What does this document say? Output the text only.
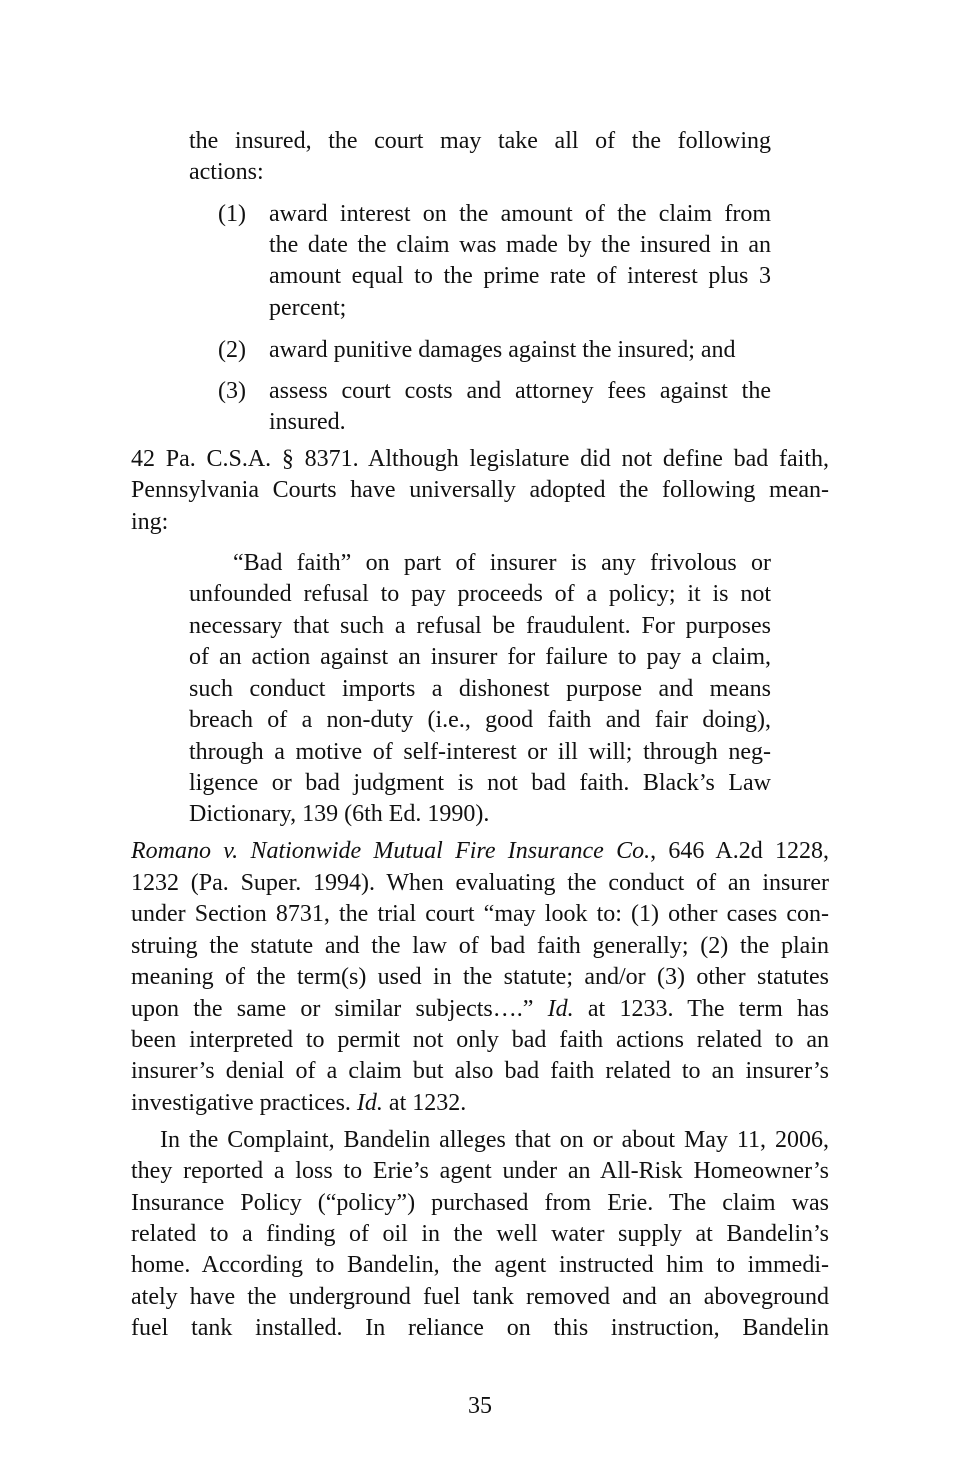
the insured, the court may take all of the following
actions:
(1) award interest on the amount of the claim from
the date the claim was made by the insured in an
amount equal to the prime rate of interest plus 3
percent;
(2) award punitive damages against the insured; and
(3) assess court costs and attorney fees against the
insured.
42 Pa. C.S.A. § 8371. Although legislature did not define bad faith,
Pennsylvania Courts have universally adopted the following mean-
ing:
“Bad faith” on part of insurer is any frivolous or
unfounded refusal to pay proceeds of a policy; it is not
necessary that such a refusal be fraudulent. For purposes
of an action against an insurer for failure to pay a claim,
such conduct imports a dishonest purpose and means
breach of a non-duty (i.e., good faith and fair doing),
through a motive of self-interest or ill will; through neg-
ligence or bad judgment is not bad faith. Black’s Law
Dictionary, 139 (6th Ed. 1990).
Romano v. Nationwide Mutual Fire Insurance Co., 646 A.2d 1228,
1232 (Pa. Super. 1994). When evaluating the conduct of an insurer
under Section 8731, the trial court “may look to: (1) other cases con-
struing the statute and the law of bad faith generally; (2) the plain
meaning of the term(s) used in the statute; and/or (3) other statutes
upon the same or similar subjects….” Id. at 1233. The term has
been interpreted to permit not only bad faith actions related to an
insurer’s denial of a claim but also bad faith related to an insurer’s
investigative practices. Id. at 1232.
In the Complaint, Bandelin alleges that on or about May 11, 2006,
they reported a loss to Erie’s agent under an All-Risk Homeowner’s
Insurance Policy (“policy”) purchased from Erie. The claim was
related to a finding of oil in the well water supply at Bandelin’s
home. According to Bandelin, the agent instructed him to immedi-
ately have the underground fuel tank removed and an aboveground
fuel tank installed. In reliance on this instruction, Bandelin
35
